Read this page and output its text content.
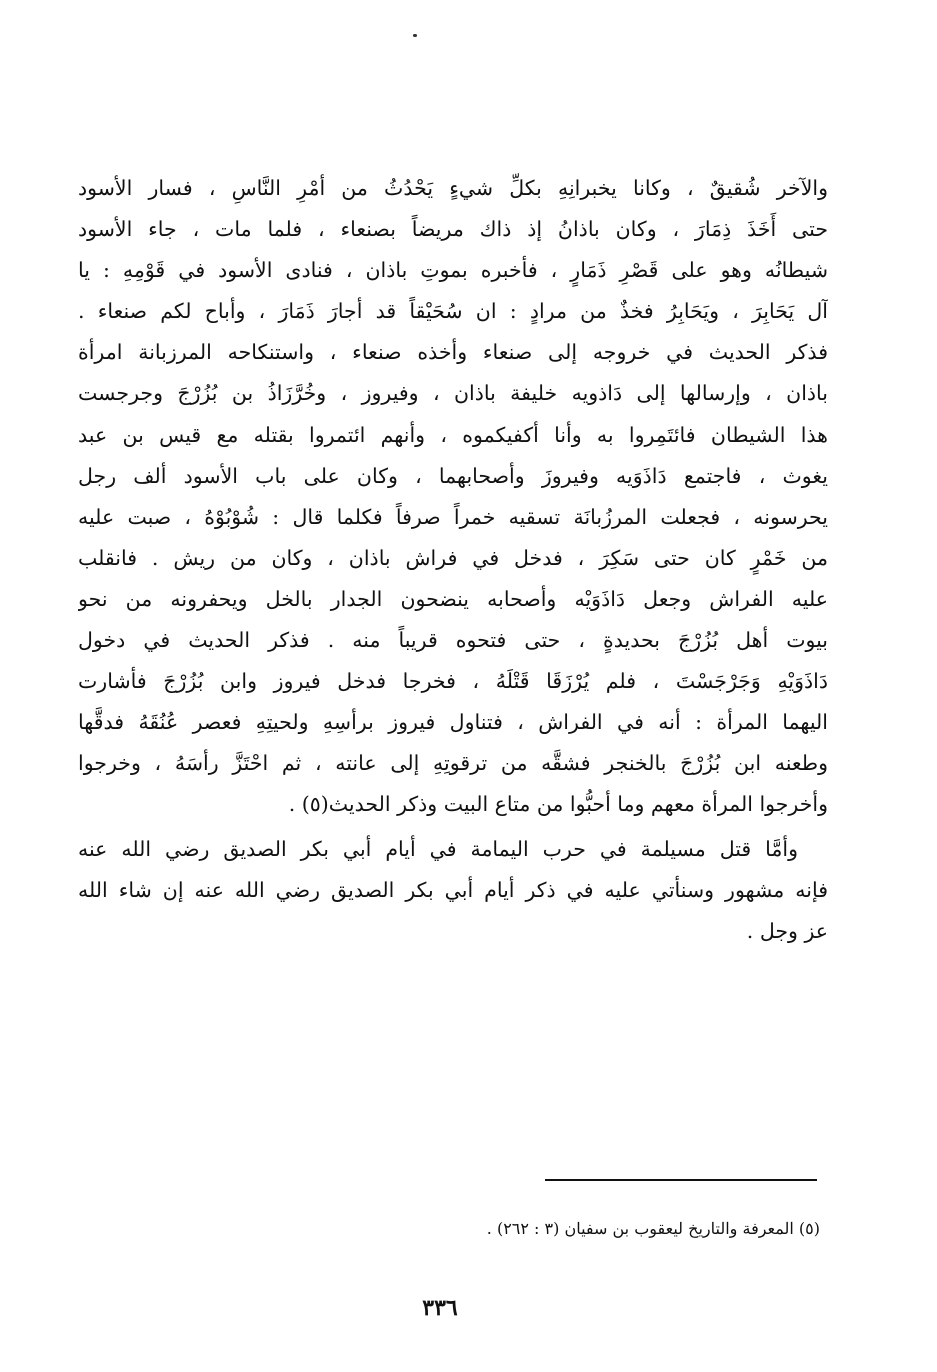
والآخر شُقيقٌ ، وكانا يخبرانِهِ بكلِّ شيءٍ يَحْدُثُ من أمْرِ النَّاسِ ، فسار الأسود
حتى أَخَذَ ذِمَارَ ، وكان باذانُ إذ ذاك مريضاً بصنعاء ، فلما مات ، جاء الأسود
شيطانُه وهو على قَصْرِ ذَمَارٍ ، فأخبره بموتِ باذان ، فنادى الأسود في قَوْمِهِ : يا
آل يَحَابِرَ ، ويَحَابِرُ فخذٌ من مرادٍ : ان سُحَيْقاً قد أجارَ ذَمَارَ ، وأباح لكم صنعاء .
فذكر الحديث في خروجه إلى صنعاء وأخذه صنعاء ، واستنكاحه المرزبانة امرأة
باذان ، وإرسالها إلى دَاذويه خليفة باذان ، وفيروز ، وخُرَّزَاذُ بن بُزُرْجَ وجرجست
هذا الشيطان فائتَمِروا به وأنا أكفيكموه ، وأنهم ائتمروا بقتله مع قيس بن عبد
يغوث ، فاجتمع دَاذَوَيه وفيروزَ وأصحابهما ، وكان على باب الأسود ألف رجل
يحرسونه ، فجعلت المرزُبانَة تسقيه خمراً صرفاً فكلما قال : شُوْبُوْهُ ، صبت عليه
من خَمْرٍ كان حتى سَكِرَ ، فدخل في فراش باذان ، وكان من ريش . فانقلب
عليه الفراش وجعل دَاذَوَيْه وأصحابه ينضحون الجدار بالخل ويحفرونه من نحو
بيوت أهل بُزُرْجَ بحديدةٍ ، حتى فتحوه قريباً منه . فذكر الحديث في دخول
دَاذَوَيْهِ وَجَرْجَسْتَ ، فلم يُرْزَقَا قَتْلَهُ ، فخرجا فدخل فيروز وابن بُزُرْجَ فأشارت
اليهما المرأة : أنه في الفراش ، فتناول فيروز برأسِهِ ولحيتِهِ فعصر عُنُقَهُ فدقَّها
وطعنه ابن بُزُرْجَ بالخنجر فشقَّه من ترقوتِهِ إلى عانته ، ثم احْتَزَّ رأسَهُ ، وخرجوا
وأخرجوا المرأة معهم وما أحبُّوا من متاع البيت وذكر الحديث(٥) .
وأمَّا قتل مسيلمة في حرب اليمامة في أيام أبي بكر الصديق رضي الله عنه
فإنه مشهور وسنأتي عليه في ذكر أيام أبي بكر الصديق رضي الله عنه إن شاء الله
عز وجل .
(٥) المعرفة والتاريخ ليعقوب بن سفيان (٣ : ٢٦٢) .
٣٣٦
